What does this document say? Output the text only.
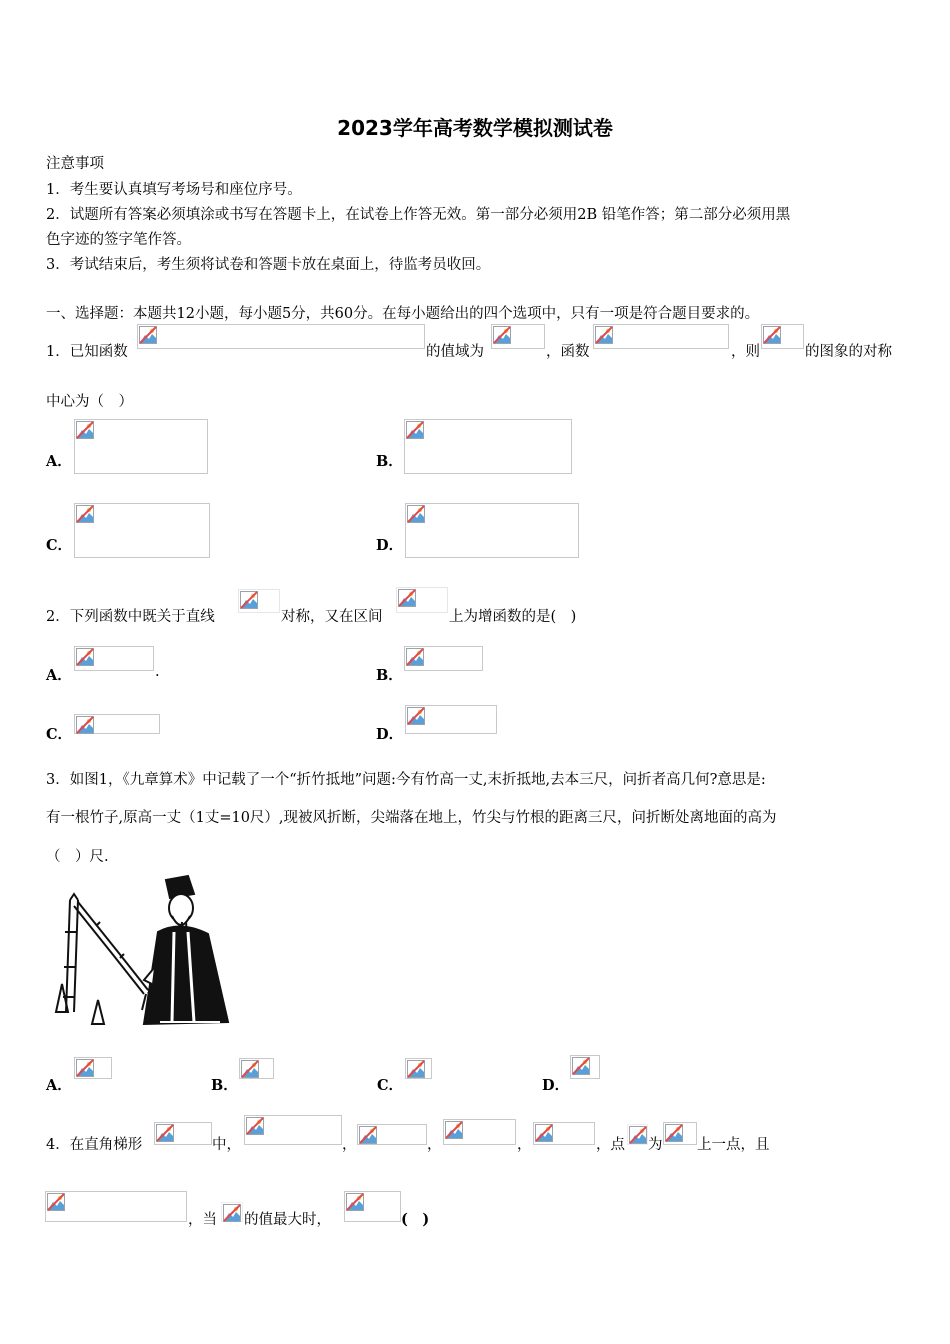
2023学年高考数学模拟测试卷
注意事项
1．考生要认真填写考场号和座位序号。
2．试题所有答案必须填涂或书写在答题卡上，在试卷上作答无效。第一部分必须用2B 铅笔作答；第二部分必须用黑
色字迹的签字笔作答。
3．考试结束后，考生须将试卷和答题卡放在桌面上，待监考员收回。
一、选择题：本题共12小题，每小题5分，共60分。在每小题给出的四个选项中，只有一项是符合题目要求的。
1．已知函数	的值域为	，函数	，则	的图象的对称
中心为（　）
A．	B．
C．	D．
2．下列函数中既关于直线	对称，又在区间	上为增函数的是(　)
A．	.	B．
C．	D．
3．如图1，《九章算术》中记载了一个“折竹抵地”问题:今有竹高一丈,末折抵地,去本三尺，问折者高几何?意思是:
有一根竹子,原高一丈（1丈=10尺）,现被风折断，尖端落在地上，竹尖与竹根的距离三尺，问折断处离地面的高为
（　）尺.
A．	B．	C．	D．
4．在直角梯形	中，	，	，	，	，点 为 上一点，且
，当 的值最大时，	(　)
